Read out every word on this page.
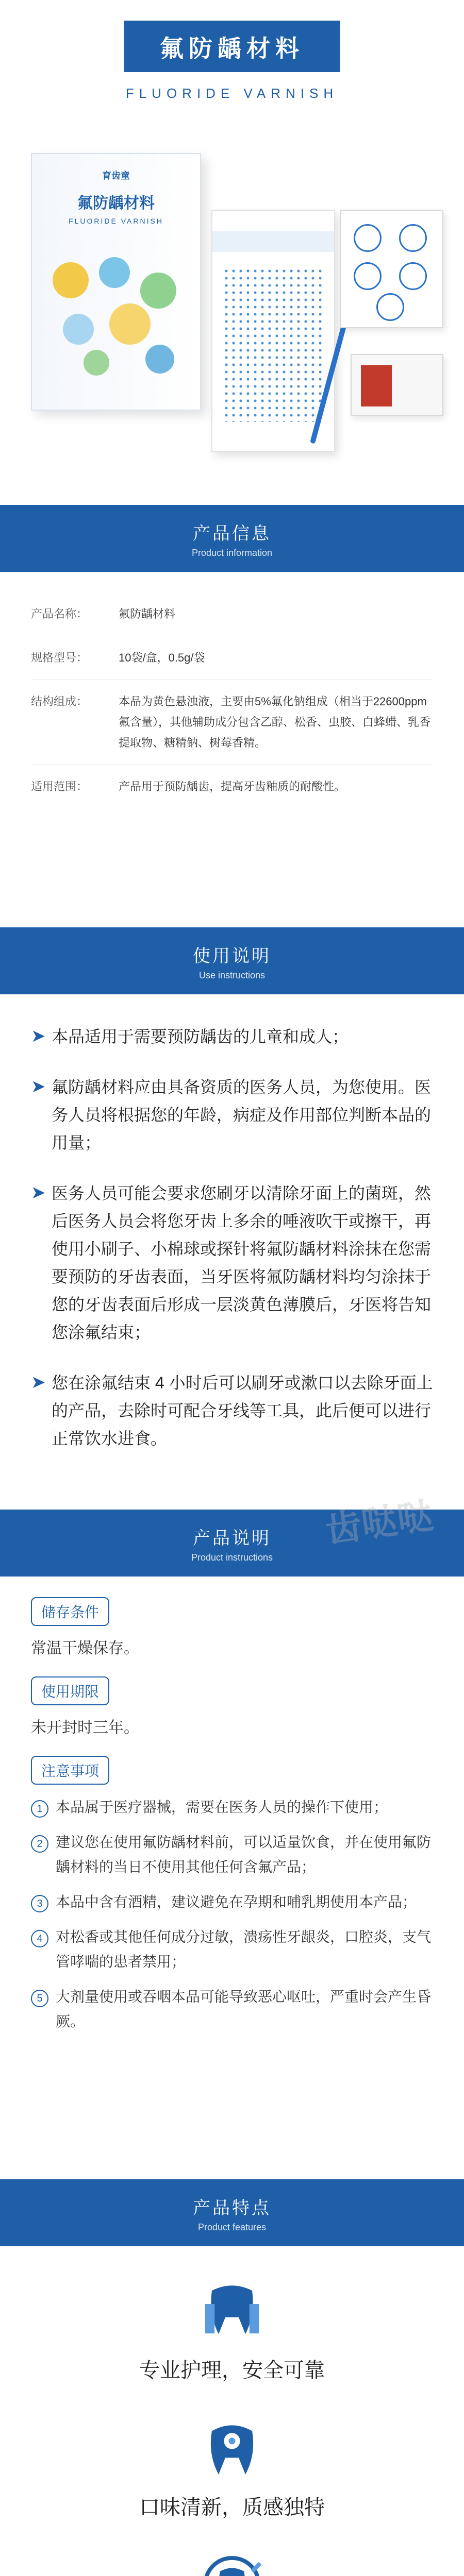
氟防龋材料
FLUORIDE VARNISH
育齿童
氟防龋材料
FLUORIDE VARNISH
产品信息
Product information
产品名称：	氟防龋材料
规格型号：	10袋/盒，0.5g/袋
结构组成：	本品为黄色悬浊液，主要由5%氟化钠组成（相当于22600ppm氟含量），其他辅助成分包含乙醇、松香、虫胶、白蜂蜡、乳香提取物、糖精钠、树莓香精。
适用范围：	产品用于预防龋齿，提高牙齿釉质的耐酸性。
使用说明
Use instructions
➤ 本品适用于需要预防龋齿的儿童和成人；
➤ 氟防龋材料应由具备资质的医务人员，为您使用。医务人员将根据您的年龄，病症及作用部位判断本品的用量；
➤ 医务人员可能会要求您刷牙以清除牙面上的菌斑，然后医务人员会将您牙齿上多余的唾液吹干或擦干，再使用小刷子、小棉球或探针将氟防龋材料涂抹在您需要预防的牙齿表面，当牙医将氟防龋材料均匀涂抹于您的牙齿表面后形成一层淡黄色薄膜后，牙医将告知您涂氟结束；
➤ 您在涂氟结束 4 小时后可以刷牙或漱口以去除牙面上的产品，去除时可配合牙线等工具，此后便可以进行正常饮水进食。
产品说明
Product instructions
储存条件
常温干燥保存。
使用期限
未开封时三年。
注意事项
1 本品属于医疗器械，需要在医务人员的操作下使用；
2 建议您在使用氟防龋材料前，可以适量饮食，并在使用氟防龋材料的当日不使用其他任何含氟产品；
3 本品中含有酒精，建议避免在孕期和哺乳期使用本产品；
4 对松香或其他任何成分过敏，溃疡性牙龈炎，口腔炎，支气管哮喘的患者禁用；
5 大剂量使用或吞咽本品可能导致恶心呕吐，严重时会产生昏厥。
产品特点
Product features
专业护理，安全可靠
口味清新，质感独特
齿哒哒
